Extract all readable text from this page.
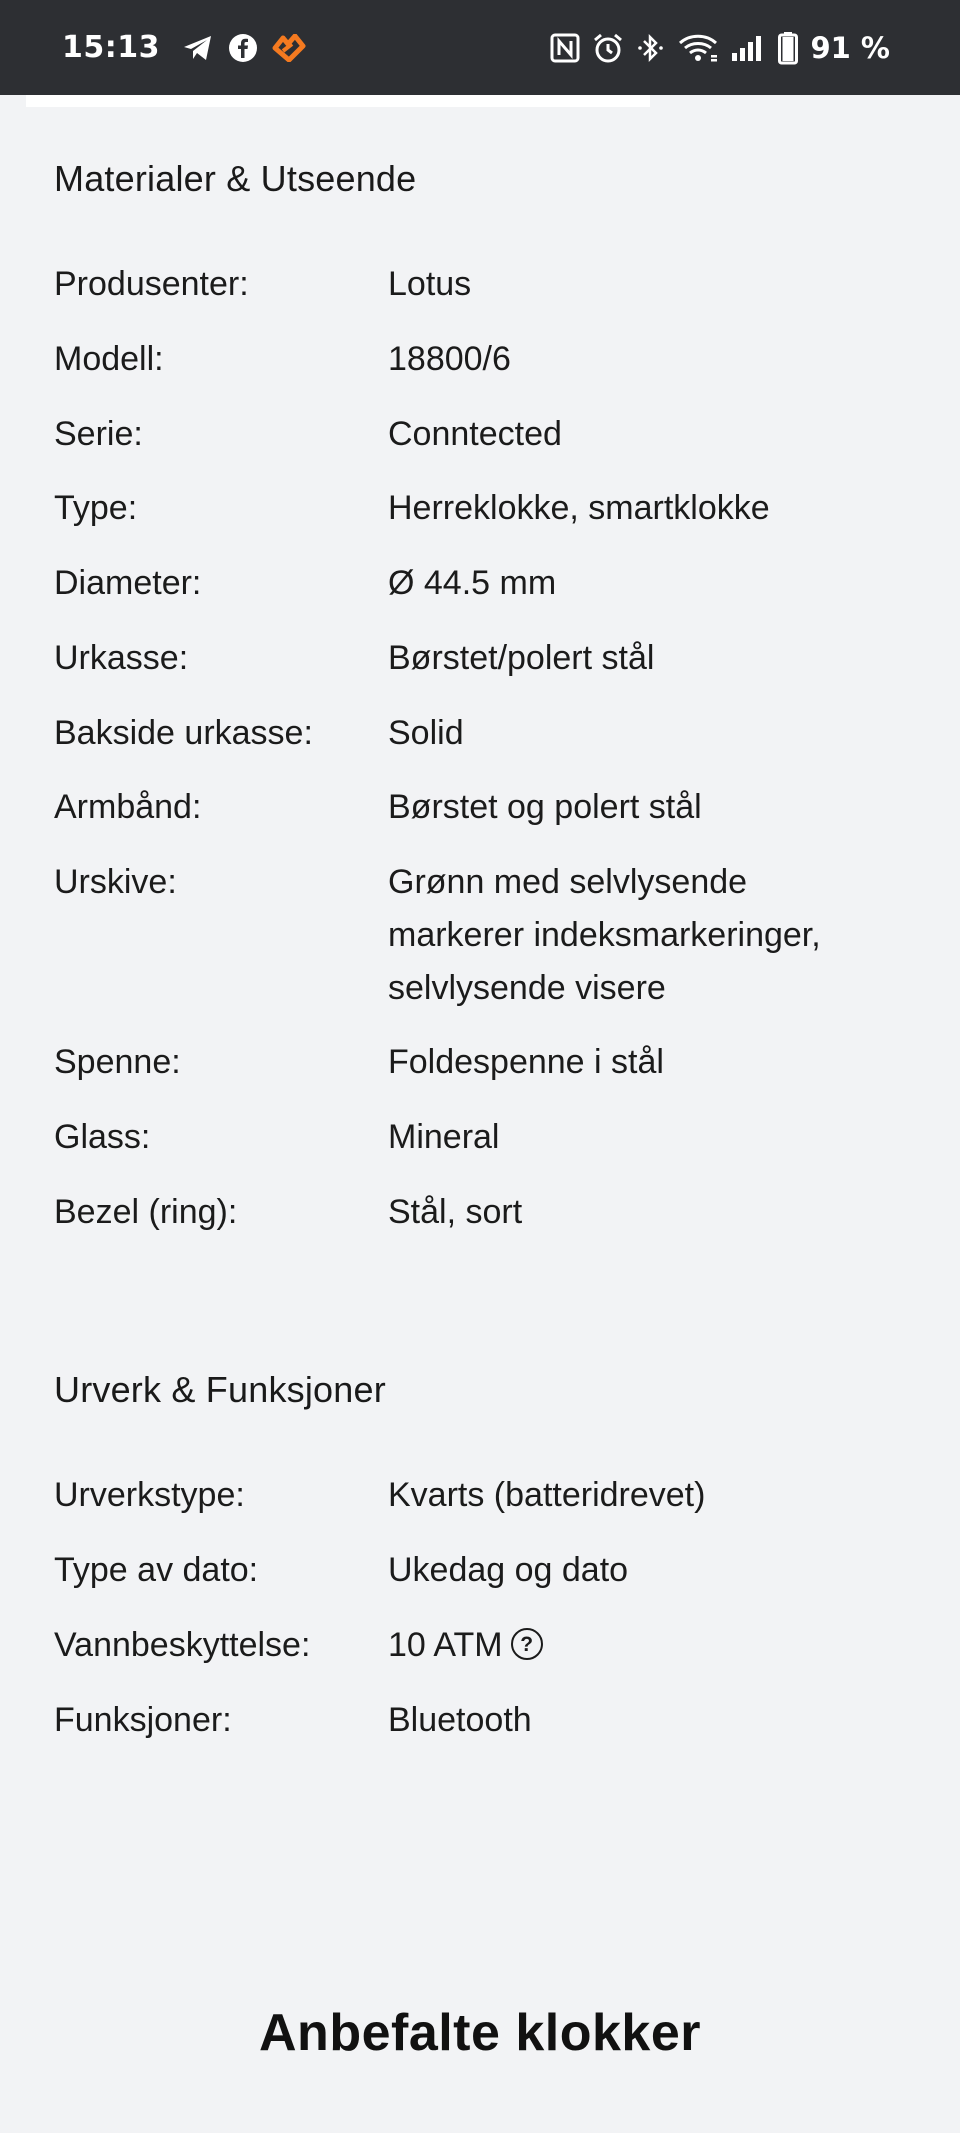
15:13	91 %
Materialer & Utseende
Produsenter:	Lotus
Modell:	18800/6
Serie:	Conntected
Type:	Herreklokke, smartklokke
Diameter:	Ø 44.5 mm
Urkasse:	Børstet/polert stål
Bakside urkasse:	Solid
Armbånd:	Børstet og polert stål
Urskive:	Grønn med selvlysende markerer indeksmarkeringer, selvlysende visere
Spenne:	Foldespenne i stål
Glass:	Mineral
Bezel (ring):	Stål, sort
Urverk & Funksjoner
Urverkstype:	Kvarts (batteridrevet)
Type av dato:	Ukedag og dato
Vannbeskyttelse:	10 ATM ?
Funksjoner:	Bluetooth
Anbefalte klokker
